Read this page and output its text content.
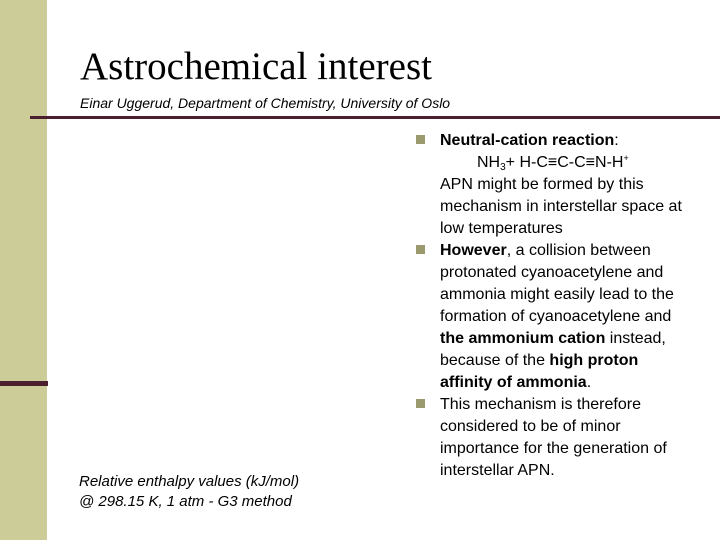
Astrochemical interest
Einar Uggerud, Department of Chemistry, University of Oslo
Relative enthalpy values (kJ/mol)
@ 298.15 K, 1 atm - G3 method
Neutral-cation reaction:
$NH_3+ H-C\equiv C-C\equiv N-H^+$
APN might be formed by this
mechanism in interstellar space at
low temperatures
However, a collision between
protonated cyanoacetylene and
ammonia might easily lead to the
formation of cyanoacetylene and
the ammonium cation instead,
because of the high proton
affinity of ammonia.
This mechanism is therefore
considered to be of minor
importance for the generation of
interstellar APN.
